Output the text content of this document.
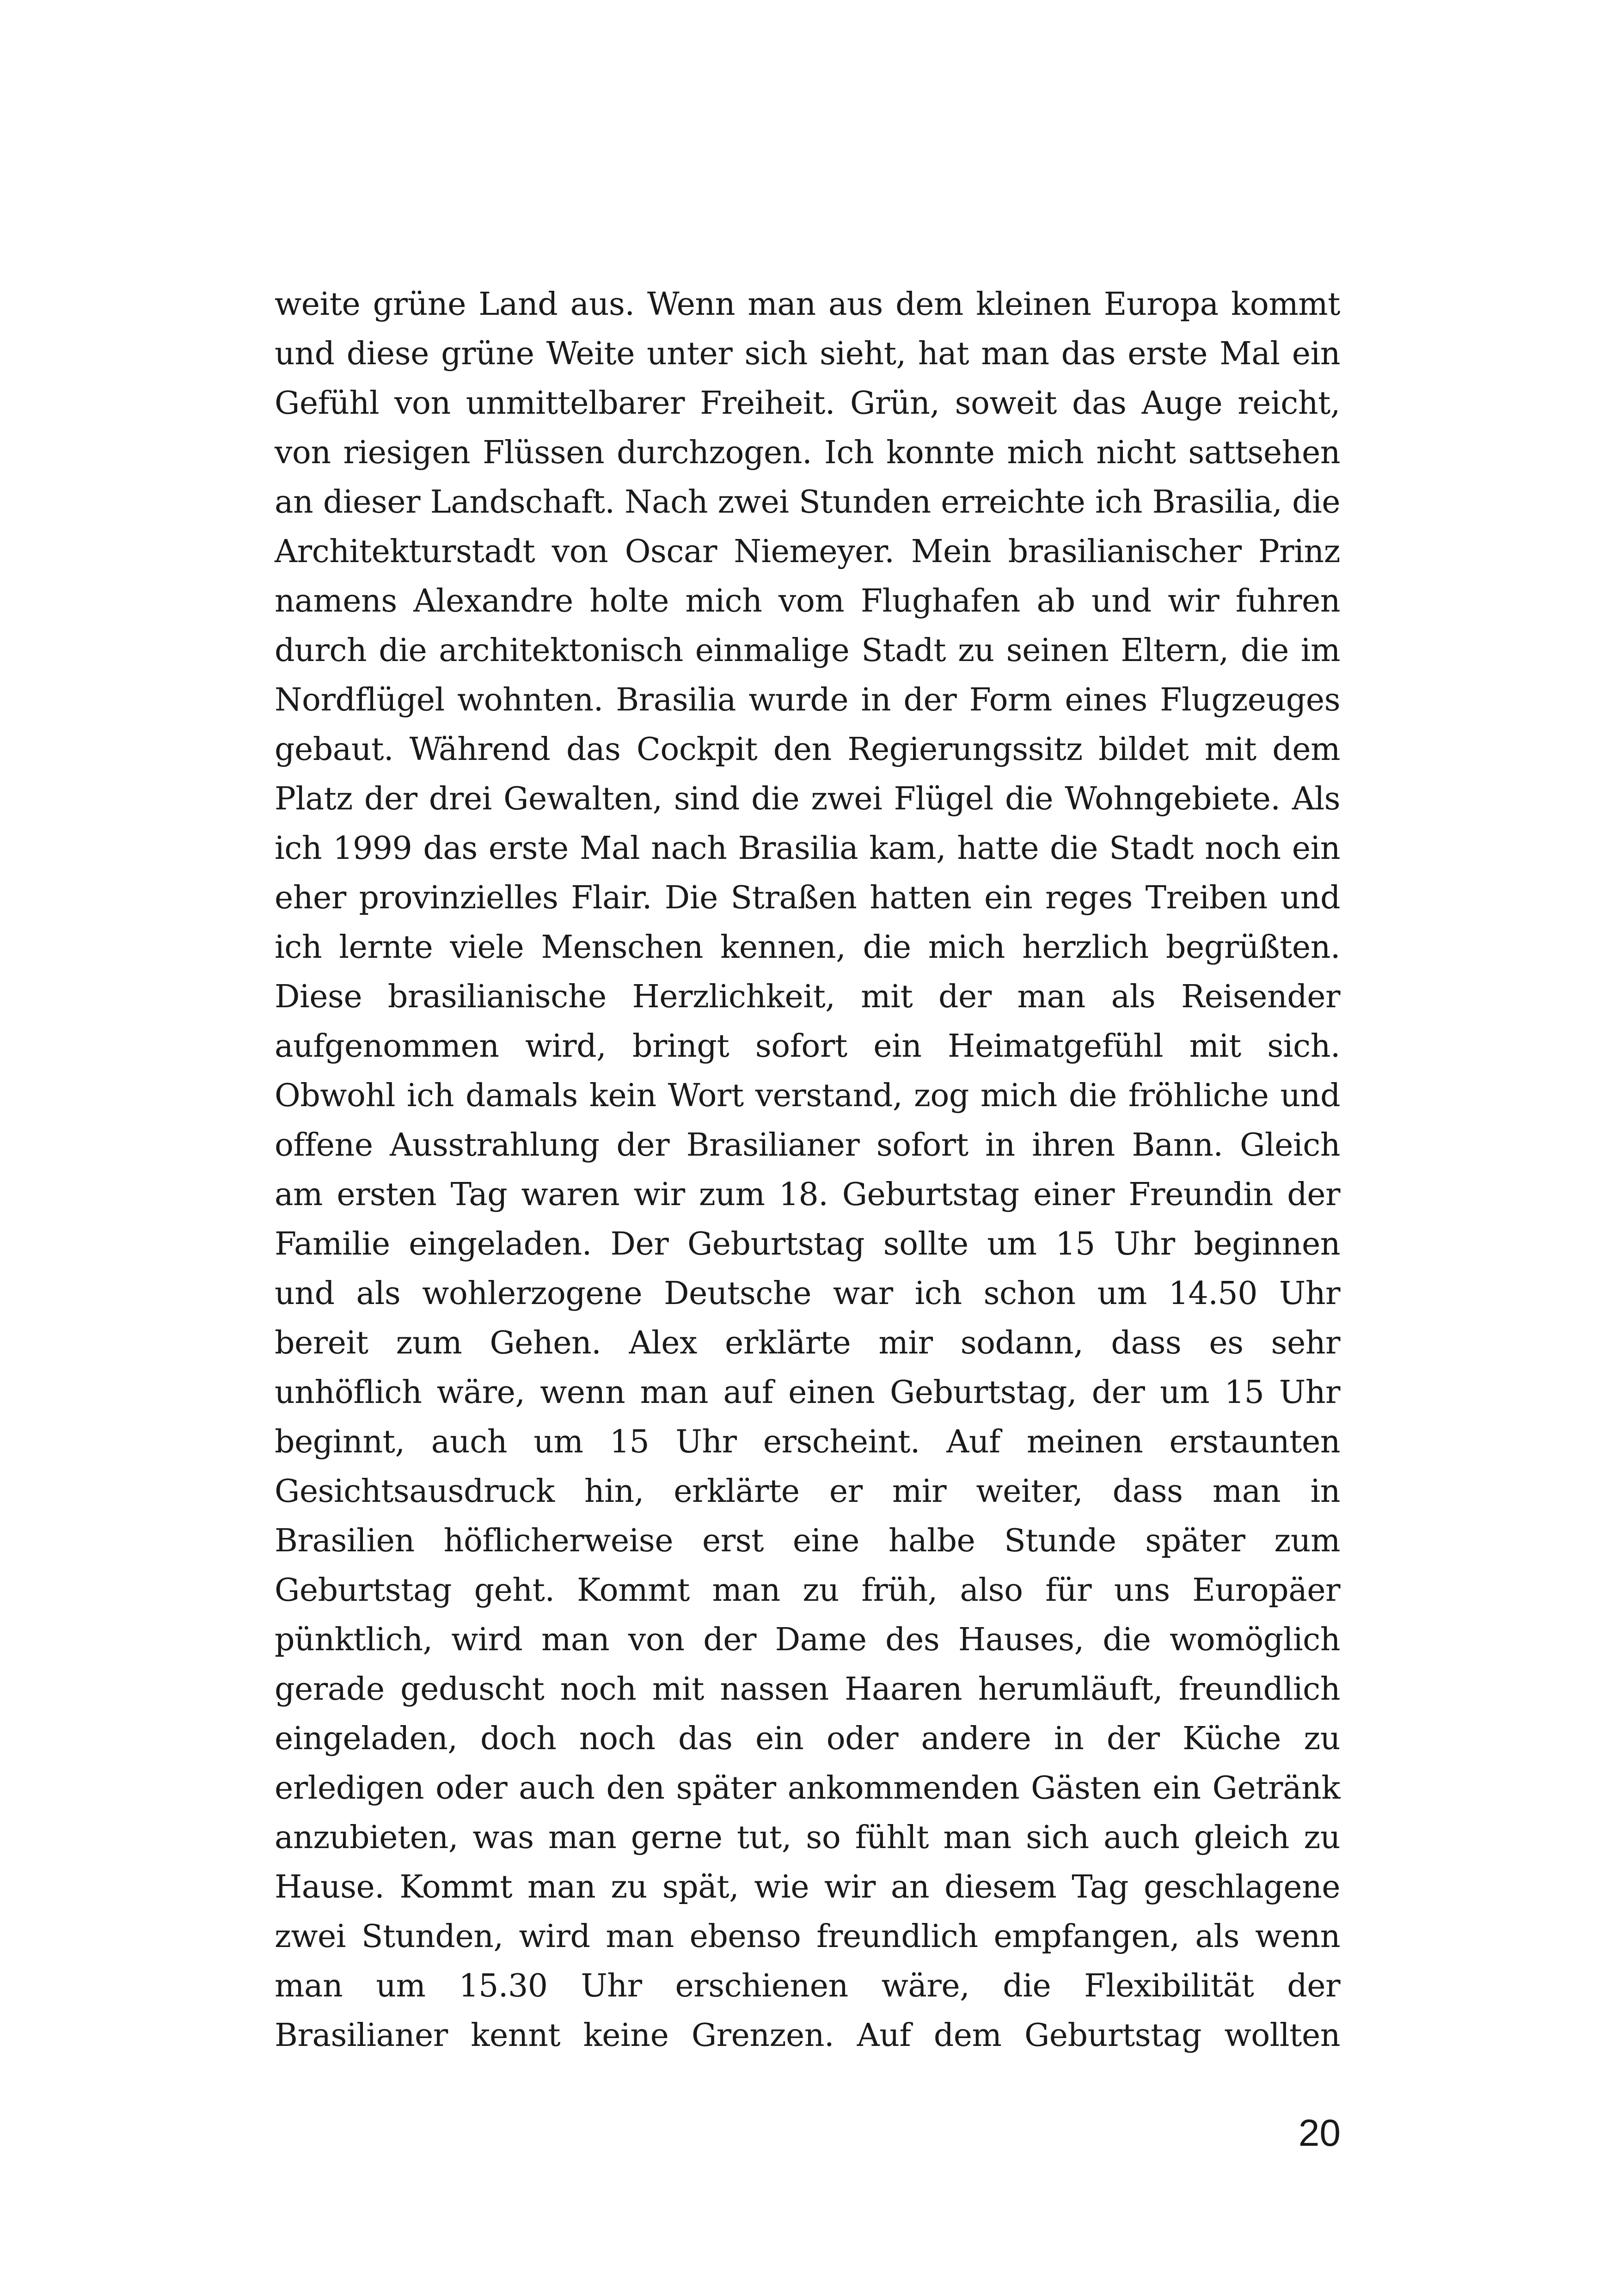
weite grüne Land aus. Wenn man aus dem kleinen Europa kommt
und diese grüne Weite unter sich sieht, hat man das erste Mal ein
Gefühl von unmittelbarer Freiheit. Grün, soweit das Auge reicht,
von riesigen Flüssen durchzogen. Ich konnte mich nicht sattsehen
an dieser Landschaft. Nach zwei Stunden erreichte ich Brasilia, die
Architekturstadt von Oscar Niemeyer. Mein brasilianischer Prinz
namens Alexandre holte mich vom Flughafen ab und wir fuhren
durch die architektonisch einmalige Stadt zu seinen Eltern, die im
Nordflügel wohnten. Brasilia wurde in der Form eines Flugzeuges
gebaut. Während das Cockpit den Regierungssitz bildet mit dem
Platz der drei Gewalten, sind die zwei Flügel die Wohngebiete. Als
ich 1999 das erste Mal nach Brasilia kam, hatte die Stadt noch ein
eher provinzielles Flair. Die Straßen hatten ein reges Treiben und
ich lernte viele Menschen kennen, die mich herzlich begrüßten.
Diese brasilianische Herzlichkeit, mit der man als Reisender
aufgenommen wird, bringt sofort ein Heimatgefühl mit sich.
Obwohl ich damals kein Wort verstand, zog mich die fröhliche und
offene Ausstrahlung der Brasilianer sofort in ihren Bann. Gleich
am ersten Tag waren wir zum 18. Geburtstag einer Freundin der
Familie eingeladen. Der Geburtstag sollte um 15 Uhr beginnen
und als wohlerzogene Deutsche war ich schon um 14.50 Uhr
bereit zum Gehen. Alex erklärte mir sodann, dass es sehr
unhöflich wäre, wenn man auf einen Geburtstag, der um 15 Uhr
beginnt, auch um 15 Uhr erscheint. Auf meinen erstaunten
Gesichtsausdruck hin, erklärte er mir weiter, dass man in
Brasilien höflicherweise erst eine halbe Stunde später zum
Geburtstag geht. Kommt man zu früh, also für uns Europäer
pünktlich, wird man von der Dame des Hauses, die womöglich
gerade geduscht noch mit nassen Haaren herumläuft, freundlich
eingeladen, doch noch das ein oder andere in der Küche zu
erledigen oder auch den später ankommenden Gästen ein Getränk
anzubieten, was man gerne tut, so fühlt man sich auch gleich zu
Hause. Kommt man zu spät, wie wir an diesem Tag geschlagene
zwei Stunden, wird man ebenso freundlich empfangen, als wenn
man um 15.30 Uhr erschienen wäre, die Flexibilität der
Brasilianer kennt keine Grenzen. Auf dem Geburtstag wollten
20
